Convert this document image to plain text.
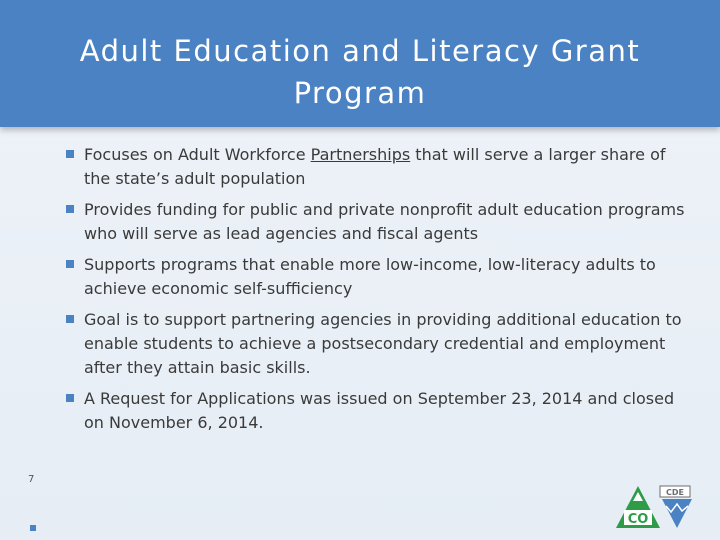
Adult Education and Literacy Grant Program
Focuses on Adult Workforce Partnerships that will serve a larger share of the state’s adult population
Provides funding for public and private nonprofit adult education programs who will serve as lead agencies and fiscal agents
Supports programs that enable more low-income, low-literacy adults to achieve economic self-sufficiency
Goal is to support partnering agencies in providing additional education to enable students to achieve a postsecondary credential and employment after they attain basic skills.
A Request for Applications was issued on September 23, 2014 and closed on November 6, 2014.
7
CO
CDE
